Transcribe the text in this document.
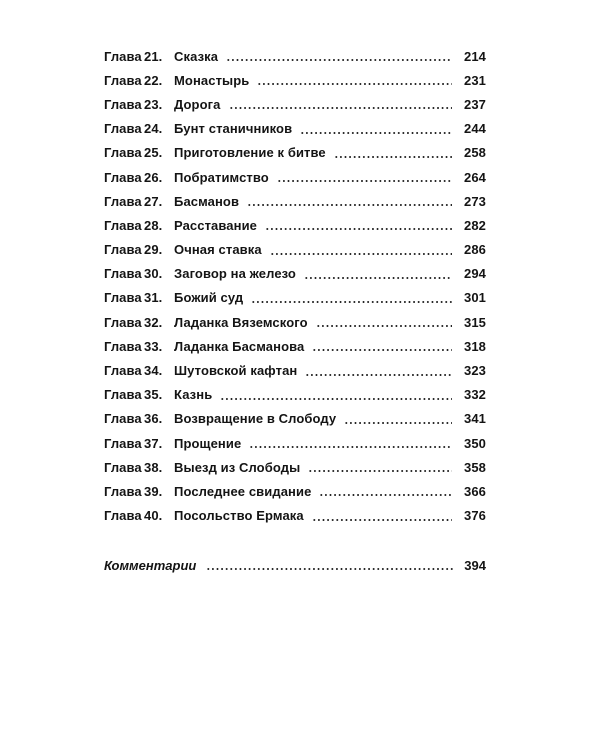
Глава 21. Сказка	214
Глава 22. Монастырь	231
Глава 23. Дорога	237
Глава 24. Бунт станичников	244
Глава 25. Приготовление к битве	258
Глава 26. Побратимство	264
Глава 27. Басманов	273
Глава 28. Расставание	282
Глава 29. Очная ставка	286
Глава 30. Заговор на железо	294
Глава 31. Божий суд	301
Глава 32. Ладанка Вяземского	315
Глава 33. Ладанка Басманова	318
Глава 34. Шутовской кафтан	323
Глава 35. Казнь	332
Глава 36. Возвращение в Слободу	341
Глава 37. Прощение	350
Глава 38. Выезд из Слободы	358
Глава 39. Последнее свидание	366
Глава 40. Посольство Ермака	376
Комментарии	394
